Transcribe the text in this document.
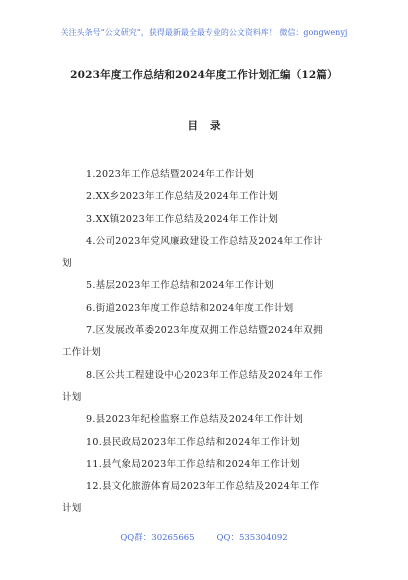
关注头条号“公文研究”，获得最新最全最专业的公文资料库！ 微信：gongwenyj
2023年度工作总结和2024年度工作计划汇编（12篇）
目 录
1.2023年工作总结暨2024年工作计划
2.XX乡2023年工作总结及2024年工作计划
3.XX镇2023年工作总结及2024年工作计划
4.公司2023年党风廉政建设工作总结及2024年工作计
划
5.基层2023年工作总结和2024年工作计划
6.街道2023年度工作总结和2024年度工作计划
7.区发展改革委2023年度双拥工作总结暨2024年双拥
工作计划
8.区公共工程建设中心2023年工作总结及2024年工作
计划
9.县2023年纪检监察工作总结及2024年工作计划
10.县民政局2023年工作总结和2024年工作计划
11.县气象局2023年工作总结和2024年工作计划
12.县文化旅游体育局2023年工作总结及2024年工作
计划
QQ群：30265665	QQ：535304092
